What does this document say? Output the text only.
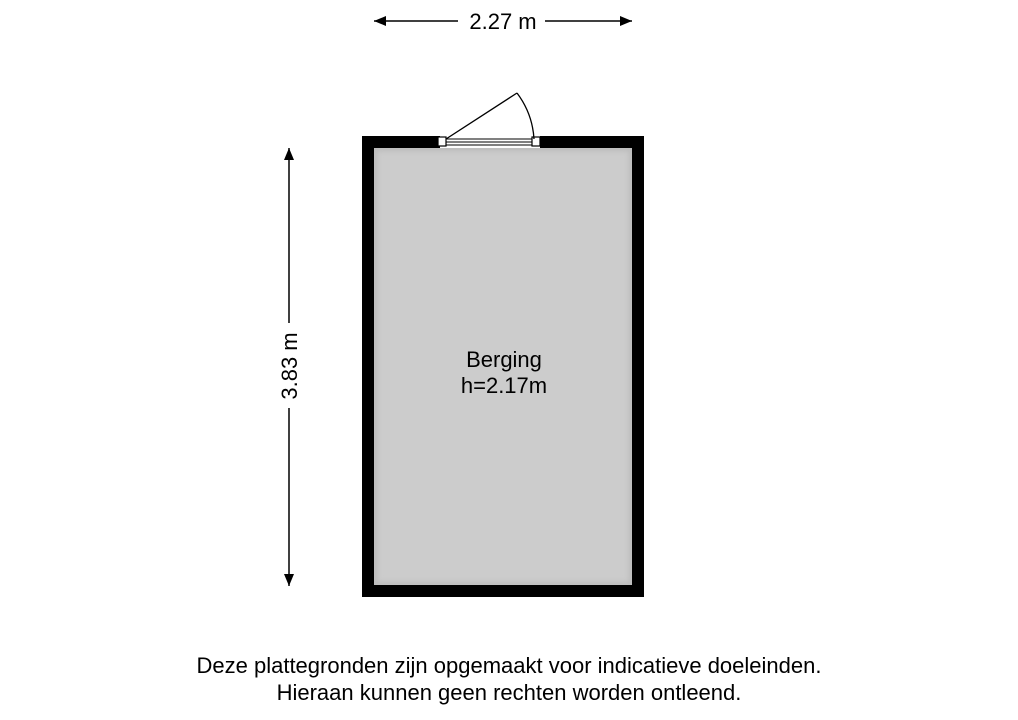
2.27 m
3.83 m	Berging
h=2.17m
Deze plattegronden zijn opgemaakt voor indicatieve doeleinden.
Hieraan kunnen geen rechten worden ontleend.
